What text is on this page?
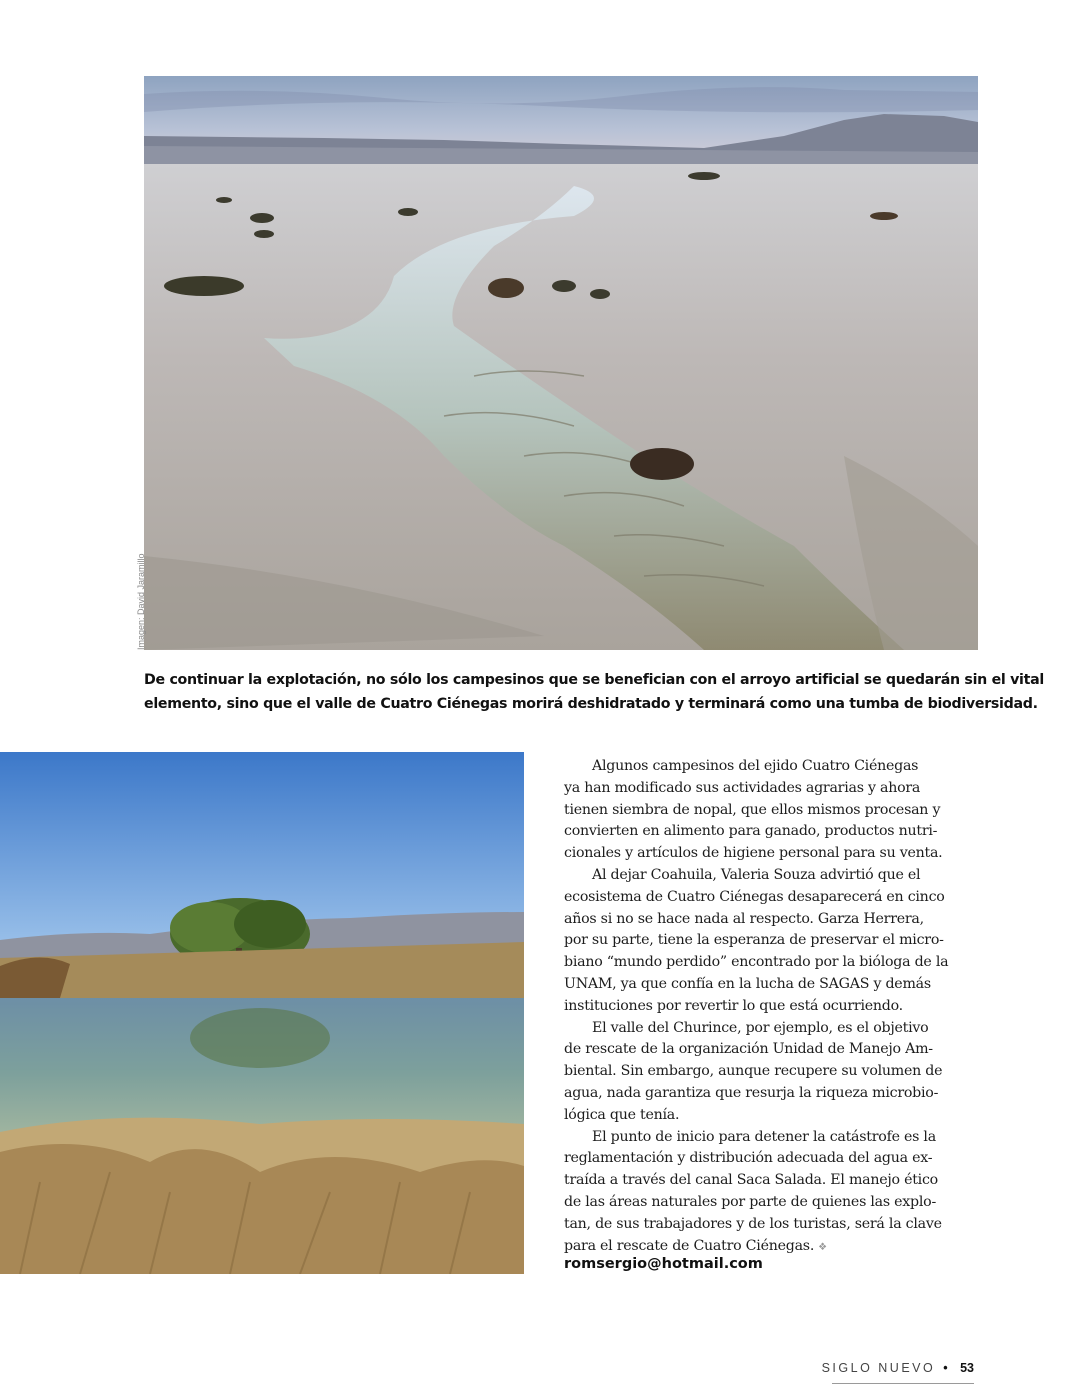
Imagen: David Jaramillo

De continuar la explotación, no sólo los campesinos que se benefician con el arroyo artificial se quedarán sin el vital

elemento, sino que el valle de Cuatro Ciénegas morirá deshidratado y terminará como una tumba de biodiversidad.

Algunos campesinos del ejido Cuatro Ciénegas
ya han modificado sus actividades agrarias y ahora
tienen siembra de nopal, que ellos mismos procesan y
convierten en alimento para ganado, productos nutri-
cionales y artículos de higiene personal para su venta.
Al dejar Coahuila, Valeria Souza advirtió que el
ecosistema de Cuatro Ciénegas desaparecerá en cinco
años si no se hace nada al respecto. Garza Herrera,
por su parte, tiene la esperanza de preservar el micro-
biano “mundo perdido” encontrado por la bióloga de la
UNAM, ya que confía en la lucha de SAGAS y demás
instituciones por revertir lo que está ocurriendo.
El valle del Churince, por ejemplo, es el objetivo
de rescate de la organización Unidad de Manejo Am-
biental. Sin embargo, aunque recupere su volumen de
agua, nada garantiza que resurja la riqueza microbio-
lógica que tenía.
El punto de inicio para detener la catástrofe es la
reglamentación y distribución adecuada del agua ex-
traída a través del canal Saca Salada. El manejo ético
de las áreas naturales por parte de quienes las explo-
tan, de sus trabajadores y de los turistas, será la clave
para el rescate de Cuatro Ciénegas. ❖
romsergio@hotmail.com
SIGLO NUEVO • 53
